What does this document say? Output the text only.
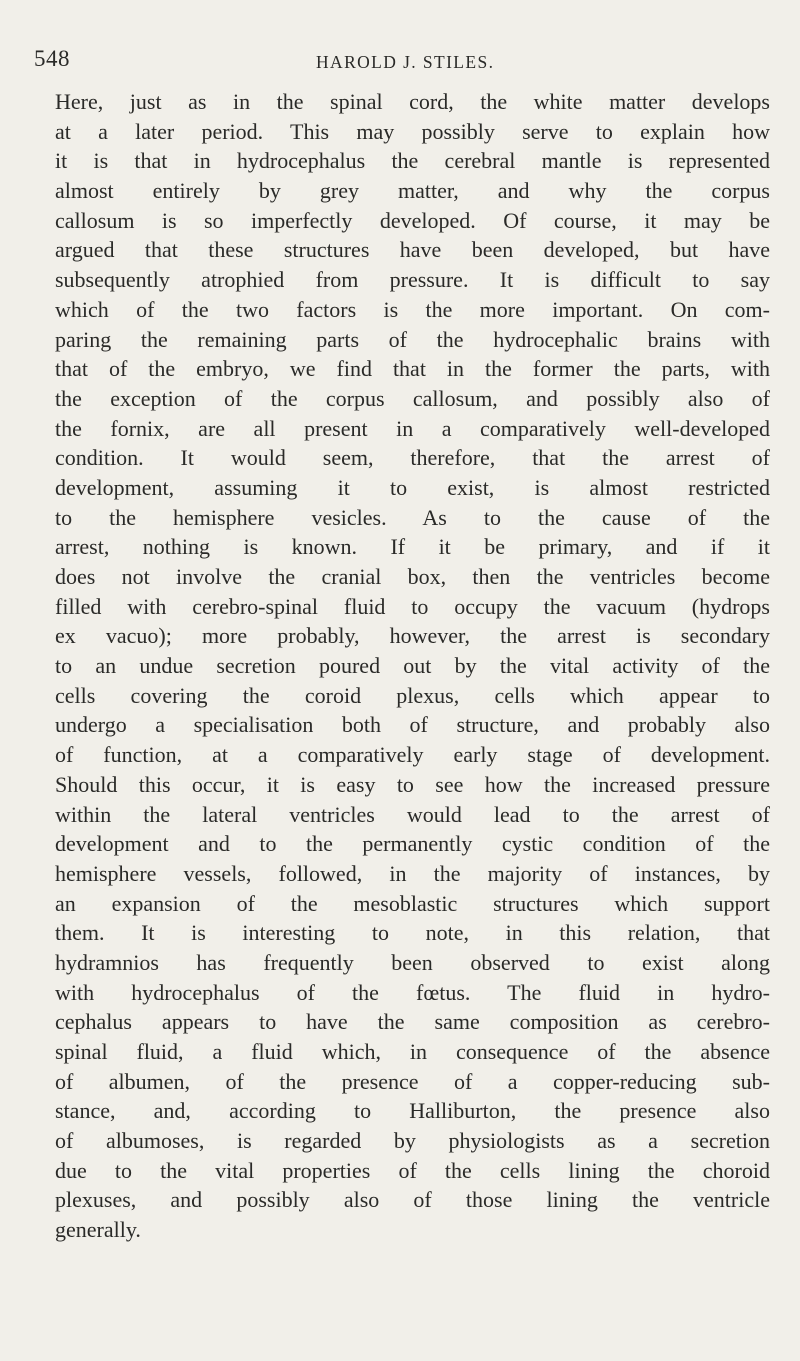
548	HAROLD J. STILES.
Here, just as in the spinal cord, the white matter develops
at a later period. This may possibly serve to explain how
it is that in hydrocephalus the cerebral mantle is represented
almost entirely by grey matter, and why the corpus
callosum is so imperfectly developed. Of course, it may be
argued that these structures have been developed, but have
subsequently atrophied from pressure. It is difficult to say
which of the two factors is the more important. On com-
paring the remaining parts of the hydrocephalic brains with
that of the embryo, we find that in the former the parts, with
the exception of the corpus callosum, and possibly also of
the fornix, are all present in a comparatively well-developed
condition. It would seem, therefore, that the arrest of
development, assuming it to exist, is almost restricted
to the hemisphere vesicles. As to the cause of the
arrest, nothing is known. If it be primary, and if it
does not involve the cranial box, then the ventricles become
filled with cerebro-spinal fluid to occupy the vacuum (hydrops
ex vacuo); more probably, however, the arrest is secondary
to an undue secretion poured out by the vital activity of the
cells covering the coroid plexus, cells which appear to
undergo a specialisation both of structure, and probably also
of function, at a comparatively early stage of development.
Should this occur, it is easy to see how the increased pressure
within the lateral ventricles would lead to the arrest of
development and to the permanently cystic condition of the
hemisphere vessels, followed, in the majority of instances, by
an expansion of the mesoblastic structures which support
them. It is interesting to note, in this relation, that
hydramnios has frequently been observed to exist along
with hydrocephalus of the fœtus. The fluid in hydro-
cephalus appears to have the same composition as cerebro-
spinal fluid, a fluid which, in consequence of the absence
of albumen, of the presence of a copper-reducing sub-
stance, and, according to Halliburton, the presence also
of albumoses, is regarded by physiologists as a secretion
due to the vital properties of the cells lining the choroid
plexuses, and possibly also of those lining the ventricle
generally.
